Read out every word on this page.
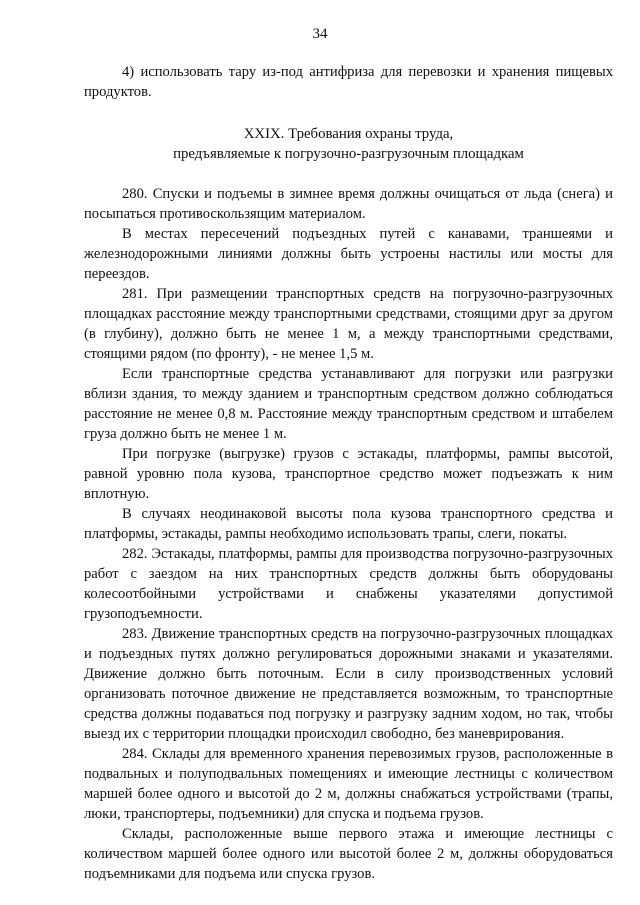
34

4) использовать тару из-под антифриза для перевозки и хранения пищевых продуктов.

XXIX. Требования охраны труда,
предъявляемые к погрузочно-разгрузочным площадкам

280. Спуски и подъемы в зимнее время должны очищаться от льда (снега) и посыпаться противоскользящим материалом.

В местах пересечений подъездных путей с канавами, траншеями и железнодорожными линиями должны быть устроены настилы или мосты для переездов.

281. При размещении транспортных средств на погрузочно-разгрузочных площадках расстояние между транспортными средствами, стоящими друг за другом (в глубину), должно быть не менее 1 м, а между транспортными средствами, стоящими рядом (по фронту), - не менее 1,5 м.

Если транспортные средства устанавливают для погрузки или разгрузки вблизи здания, то между зданием и транспортным средством должно соблюдаться расстояние не менее 0,8 м. Расстояние между транспортным средством и штабелем груза должно быть не менее 1 м.

При погрузке (выгрузке) грузов с эстакады, платформы, рампы высотой, равной уровню пола кузова, транспортное средство может подъезжать к ним вплотную.

В случаях неодинаковой высоты пола кузова транспортного средства и платформы, эстакады, рампы необходимо использовать трапы, слеги, покаты.

282. Эстакады, платформы, рампы для производства погрузочно-разгрузочных работ с заездом на них транспортных средств должны быть оборудованы колесоотбойными устройствами и снабжены указателями допустимой грузоподъемности.

283. Движение транспортных средств на погрузочно-разгрузочных площадках и подъездных путях должно регулироваться дорожными знаками и указателями. Движение должно быть поточным. Если в силу производственных условий организовать поточное движение не представляется возможным, то транспортные средства должны подаваться под погрузку и разгрузку задним ходом, но так, чтобы выезд их с территории площадки происходил свободно, без маневрирования.

284. Склады для временного хранения перевозимых грузов, расположенные в подвальных и полуподвальных помещениях и имеющие лестницы с количеством маршей более одного и высотой до 2 м, должны снабжаться устройствами (трапы, люки, транспортеры, подъемники) для спуска и подъема грузов.

Склады, расположенные выше первого этажа и имеющие лестницы с количеством маршей более одного или высотой более 2 м, должны оборудоваться подъемниками для подъема или спуска грузов.
